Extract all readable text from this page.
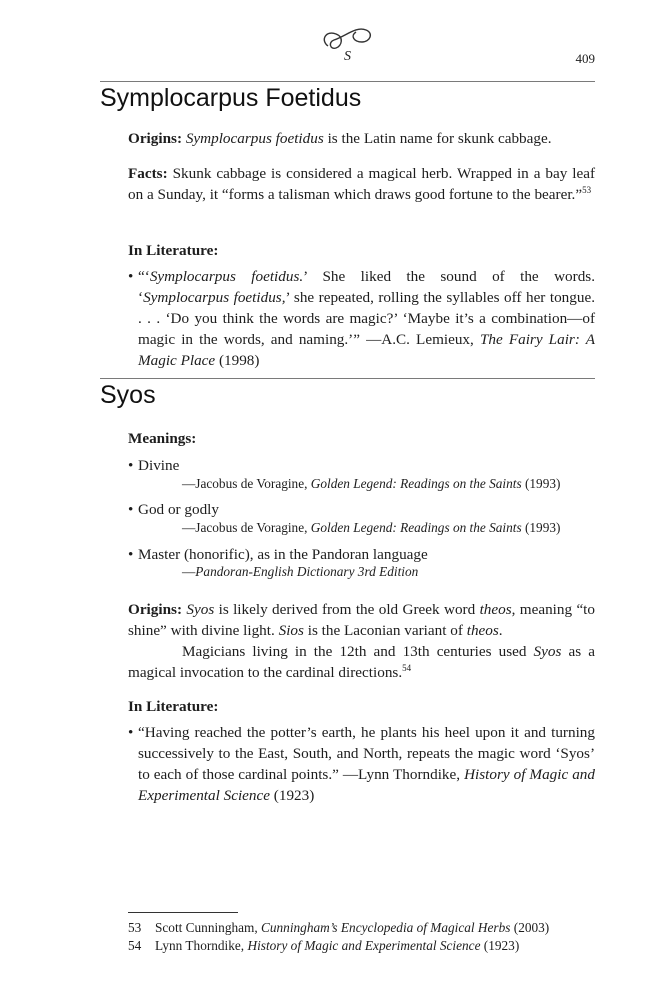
S	409
Symplocarpus Foetidus
Origins: Symplocarpus foetidus is the Latin name for skunk cabbage.
Facts: Skunk cabbage is considered a magical herb. Wrapped in a bay leaf on a Sunday, it “forms a talisman which draws good fortune to the bearer.”$^{53}$
In Literature:
• “‘Symplocarpus foetidus.’ She liked the sound of the words. ‘Symplocarpus foetidus,’ she repeated, rolling the syllables off her tongue. . . . ‘Do you think the words are magic?’ ‘Maybe it’s a combination—of magic in the words, and naming.’” —A.C. Lemieux, The Fairy Lair: A Magic Place (1998)
Syos
Meanings:
• Divine
—Jacobus de Voragine, Golden Legend: Readings on the Saints (1993)
• God or godly
—Jacobus de Voragine, Golden Legend: Readings on the Saints (1993)
• Master (honorific), as in the Pandoran language
—Pandoran-English Dictionary 3rd Edition
Origins: Syos is likely derived from the old Greek word theos, meaning “to shine” with divine light. Sios is the Laconian variant of theos.
Magicians living in the 12th and 13th centuries used Syos as a magical invocation to the cardinal directions.$^{54}$
In Literature:
• “Having reached the potter’s earth, he plants his heel upon it and turning successively to the East, South, and North, repeats the magic word ‘Syos’ to each of those cardinal points.” —Lynn Thorndike, History of Magic and Experimental Science (1923)
53 Scott Cunningham, Cunningham’s Encyclopedia of Magical Herbs (2003)
54 Lynn Thorndike, History of Magic and Experimental Science (1923)
